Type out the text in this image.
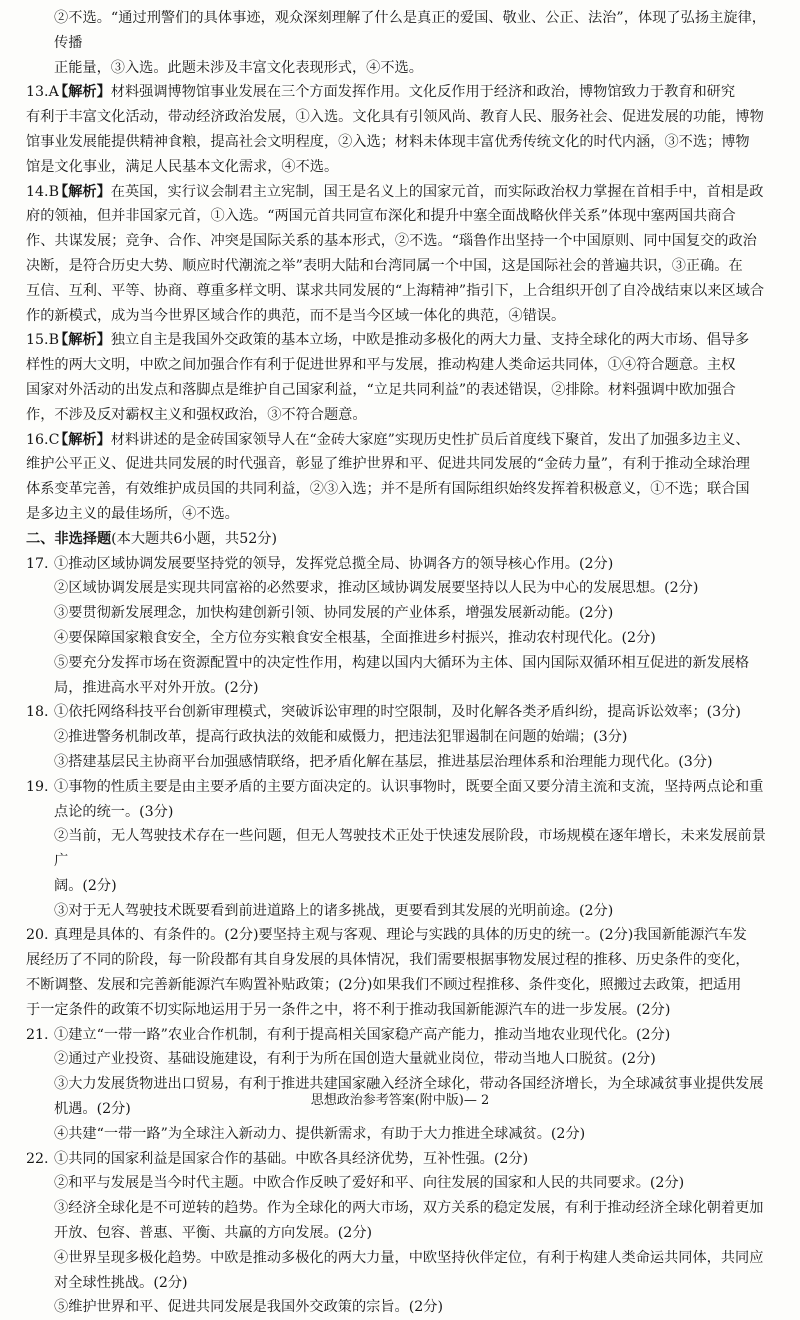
②不选。“通过刑警们的具体事迹，观众深刻理解了什么是真正的爱国、敬业、公正、法治”，体现了弘扬主旋律，传播

正能量，③入选。此题未涉及丰富文化表现形式，④不选。

13.A

【解析】材料强调博物馆事业发展在三个方面发挥作用。文化反作用于经济和政治，博物馆致力于教育和研究

有利于丰富文化活动，带动经济政治发展，①入选。文化具有引领风尚、教育人民、服务社会、促进发展的功能，博物

馆事业发展能提供精神食粮，提高社会文明程度，②入选；材料未体现丰富优秀传统文化的时代内涵，③不选；博物

馆是文化事业，满足人民基本文化需求，④不选。

14.B

【解析】在英国，实行议会制君主立宪制，国王是名义上的国家元首，而实际政治权力掌握在首相手中，首相是政

府的领袖，但并非国家元首，①入选。“两国元首共同宣布深化和提升中塞全面战略伙伴关系”体现中塞两国共商合

作、共谋发展；竞争、合作、冲突是国际关系的基本形式，②不选。“瑙鲁作出坚持一个中国原则、同中国复交的政治

决断，是符合历史大势、顺应时代潮流之举”表明大陆和台湾同属一个中国，这是国际社会的普遍共识，③正确。在

互信、互利、平等、协商、尊重多样文明、谋求共同发展的“上海精神”指引下，上合组织开创了自冷战结束以来区域合

作的新模式，成为当今世界区域合作的典范，而不是当今区域一体化的典范，④错误。

15.B

【解析】独立自主是我国外交政策的基本立场，中欧是推动多极化的两大力量、支持全球化的两大市场、倡导多

样性的两大文明，中欧之间加强合作有利于促进世界和平与发展，推动构建人类命运共同体，①④符合题意。主权

国家对外活动的出发点和落脚点是维护自己国家利益，“立足共同利益”的表述错误，②排除。材料强调中欧加强合

作，不涉及反对霸权主义和强权政治，③不符合题意。

16.C

【解析】材料讲述的是金砖国家领导人在“金砖大家庭”实现历史性扩员后首度线下聚首，发出了加强多边主义、

维护公平正义、促进共同发展的时代强音，彰显了维护世界和平、促进共同发展的“金砖力量”，有利于推动全球治理

体系变革完善，有效维护成员国的共同利益，②③入选；并不是所有国际组织始终发挥着积极意义，①不选；联合国

是多边主义的最佳场所，④不选。

二、非选择题(本大题共6小题，共52分)

17. ①推动区域协调发展要坚持党的领导，发挥党总揽全局、协调各方的领导核心作用。(2分)

②区域协调发展是实现共同富裕的必然要求，推动区域协调发展要坚持以人民为中心的发展思想。(2分)

③要贯彻新发展理念，加快构建创新引领、协同发展的产业体系，增强发展新动能。(2分)

④要保障国家粮食安全，全方位夯实粮食安全根基，全面推进乡村振兴，推动农村现代化。(2分)

⑤要充分发挥市场在资源配置中的决定性作用，构建以国内大循环为主体、国内国际双循环相互促进的新发展格

局，推进高水平对外开放。(2分)

18. ①依托网络科技平台创新审理模式，突破诉讼审理的时空限制，及时化解各类矛盾纠纷，提高诉讼效率；(3分)

②推进警务机制改革，提高行政执法的效能和威慑力，把违法犯罪遏制在问题的始端；(3分)

③搭建基层民主协商平台加强感情联络，把矛盾化解在基层，推进基层治理体系和治理能力现代化。(3分)

19. ①事物的性质主要是由主要矛盾的主要方面决定的。认识事物时，既要全面又要分清主流和支流，坚持两点论和重

点论的统一。(3分)

②当前，无人驾驶技术存在一些问题，但无人驾驶技术正处于快速发展阶段，市场规模在逐年增长，未来发展前景广

阔。(2分)

③对于无人驾驶技术既要看到前进道路上的诸多挑战，更要看到其发展的光明前途。(2分)

20. 真理是具体的、有条件的。(2分)要坚持主观与客观、理论与实践的具体的历史的统一。(2分)我国新能源汽车发

展经历了不同的阶段，每一阶段都有其自身发展的具体情况，我们需要根据事物发展过程的推移、历史条件的变化，

不断调整、发展和完善新能源汽车购置补贴政策；(2分)如果我们不顾过程推移、条件变化，照搬过去政策，把适用

于一定条件的政策不切实际地运用于另一条件之中，将不利于推动我国新能源汽车的进一步发展。(2分)

21. ①建立“一带一路”农业合作机制，有利于提高相关国家稳产高产能力，推动当地农业现代化。(2分)

②通过产业投资、基础设施建设，有利于为所在国创造大量就业岗位，带动当地人口脱贫。(2分)

③大力发展货物进出口贸易，有利于推进共建国家融入经济全球化，带动各国经济增长，为全球减贫事业提供发展

机遇。(2分)

④共建“一带一路”为全球注入新动力、提供新需求，有助于大力推进全球减贫。(2分)

22. ①共同的国家利益是国家合作的基础。中欧各具经济优势，互补性强。(2分)

②和平与发展是当今时代主题。中欧合作反映了爱好和平、向往发展的国家和人民的共同要求。(2分)

③经济全球化是不可逆转的趋势。作为全球化的两大市场，双方关系的稳定发展，有利于推动经济全球化朝着更加

开放、包容、普惠、平衡、共赢的方向发展。(2分)

④世界呈现多极化趋势。中欧是推动多极化的两大力量，中欧坚持伙伴定位，有利于构建人类命运共同体，共同应

对全球性挑战。(2分)

⑤维护世界和平、促进共同发展是我国外交政策的宗旨。(2分)

思想政治参考答案(附中版)— 2
